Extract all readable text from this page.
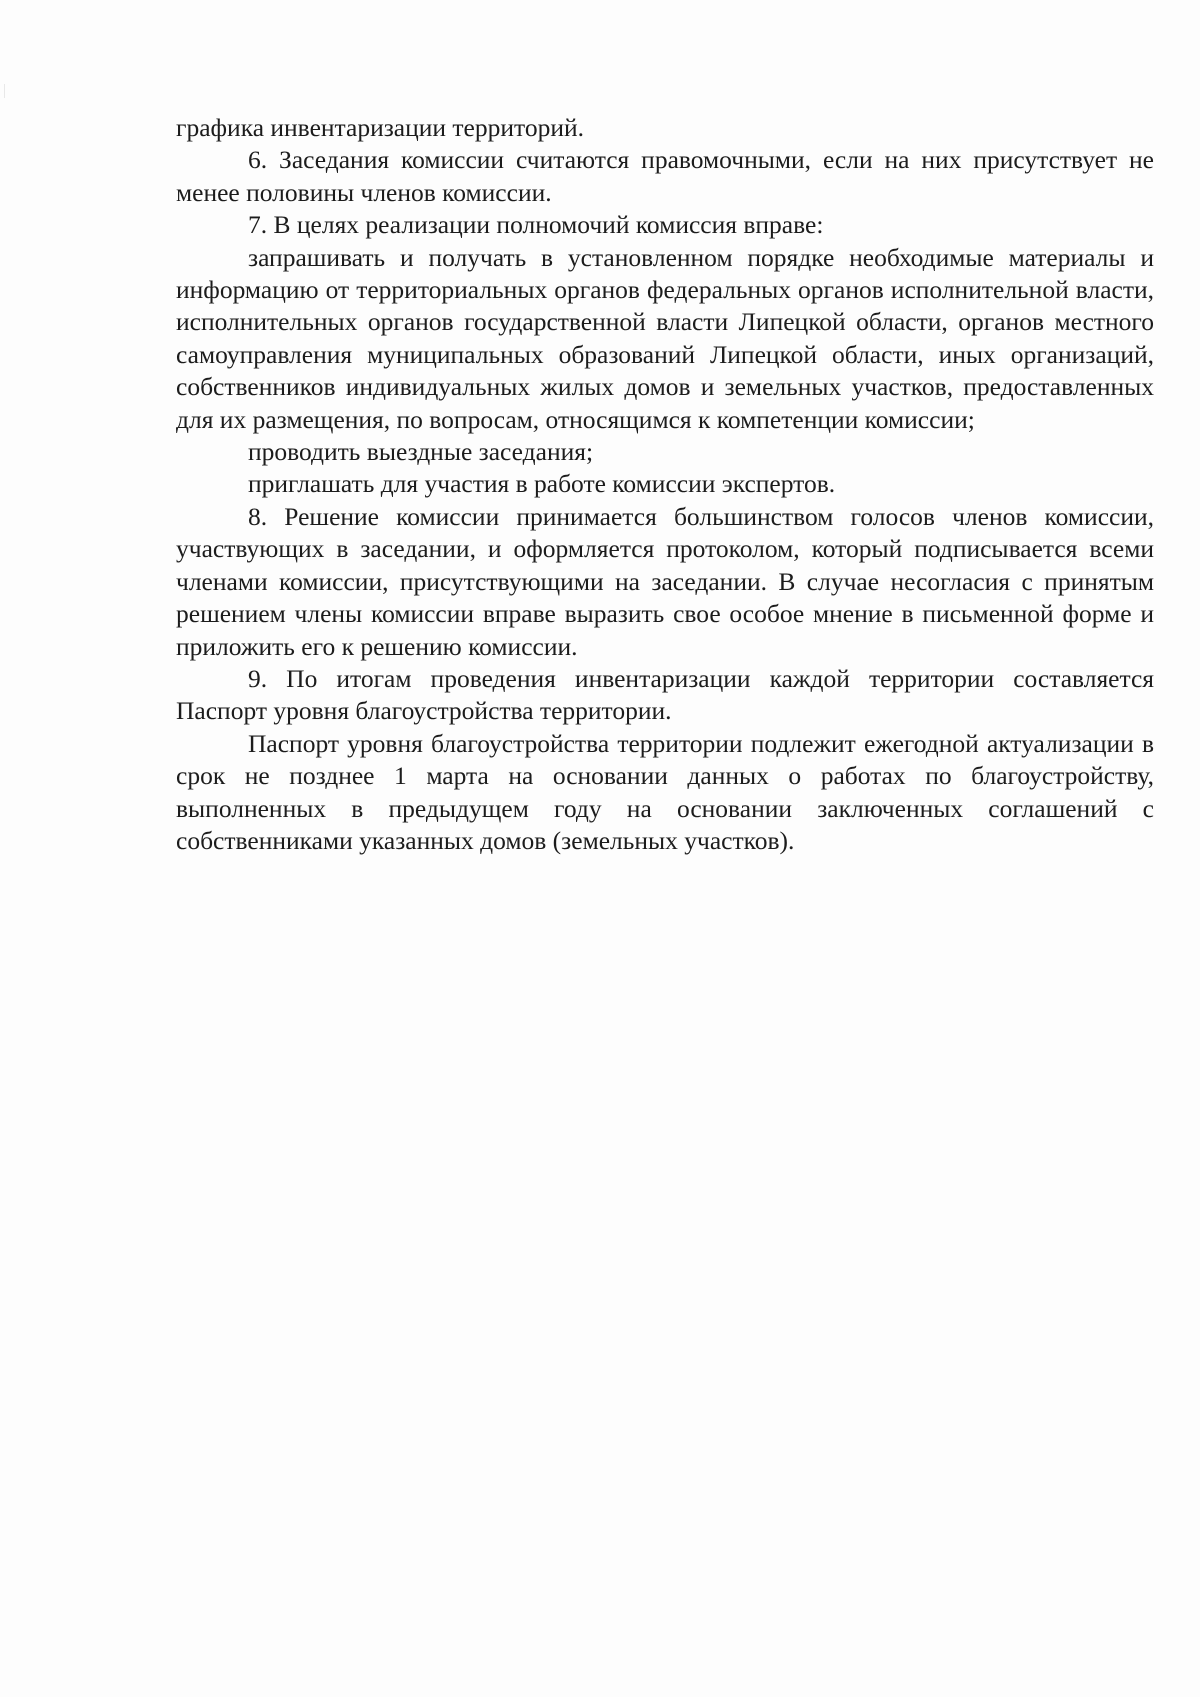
графика инвентаризации территорий.

6. Заседания комиссии считаются правомочными, если на них присутствует не менее половины членов комиссии.

7. В целях реализации полномочий комиссия вправе:

запрашивать и получать в установленном порядке необходимые материалы и информацию от территориальных органов федеральных органов исполнительной власти, исполнительных органов государственной власти Липецкой области, органов местного самоуправления муниципальных образований Липецкой области, иных организаций, собственников индивидуальных жилых домов и земельных участков, предоставленных для их размещения, по вопросам, относящимся к компетенции комиссии;

проводить выездные заседания;

приглашать для участия в работе комиссии экспертов.

8. Решение комиссии принимается большинством голосов членов комиссии, участвующих в заседании, и оформляется протоколом, который подписывается всеми членами комиссии, присутствующими на заседании. В случае несогласия с принятым решением члены комиссии вправе выразить свое особое мнение в письменной форме и приложить его к решению комиссии.

9. По итогам проведения инвентаризации каждой территории составляется Паспорт уровня благоустройства территории.

Паспорт уровня благоустройства территории подлежит ежегодной актуализации в срок не позднее 1 марта на основании данных о работах по благоустройству, выполненных в предыдущем году на основании заключенных соглашений с собственниками указанных домов (земельных участков).
